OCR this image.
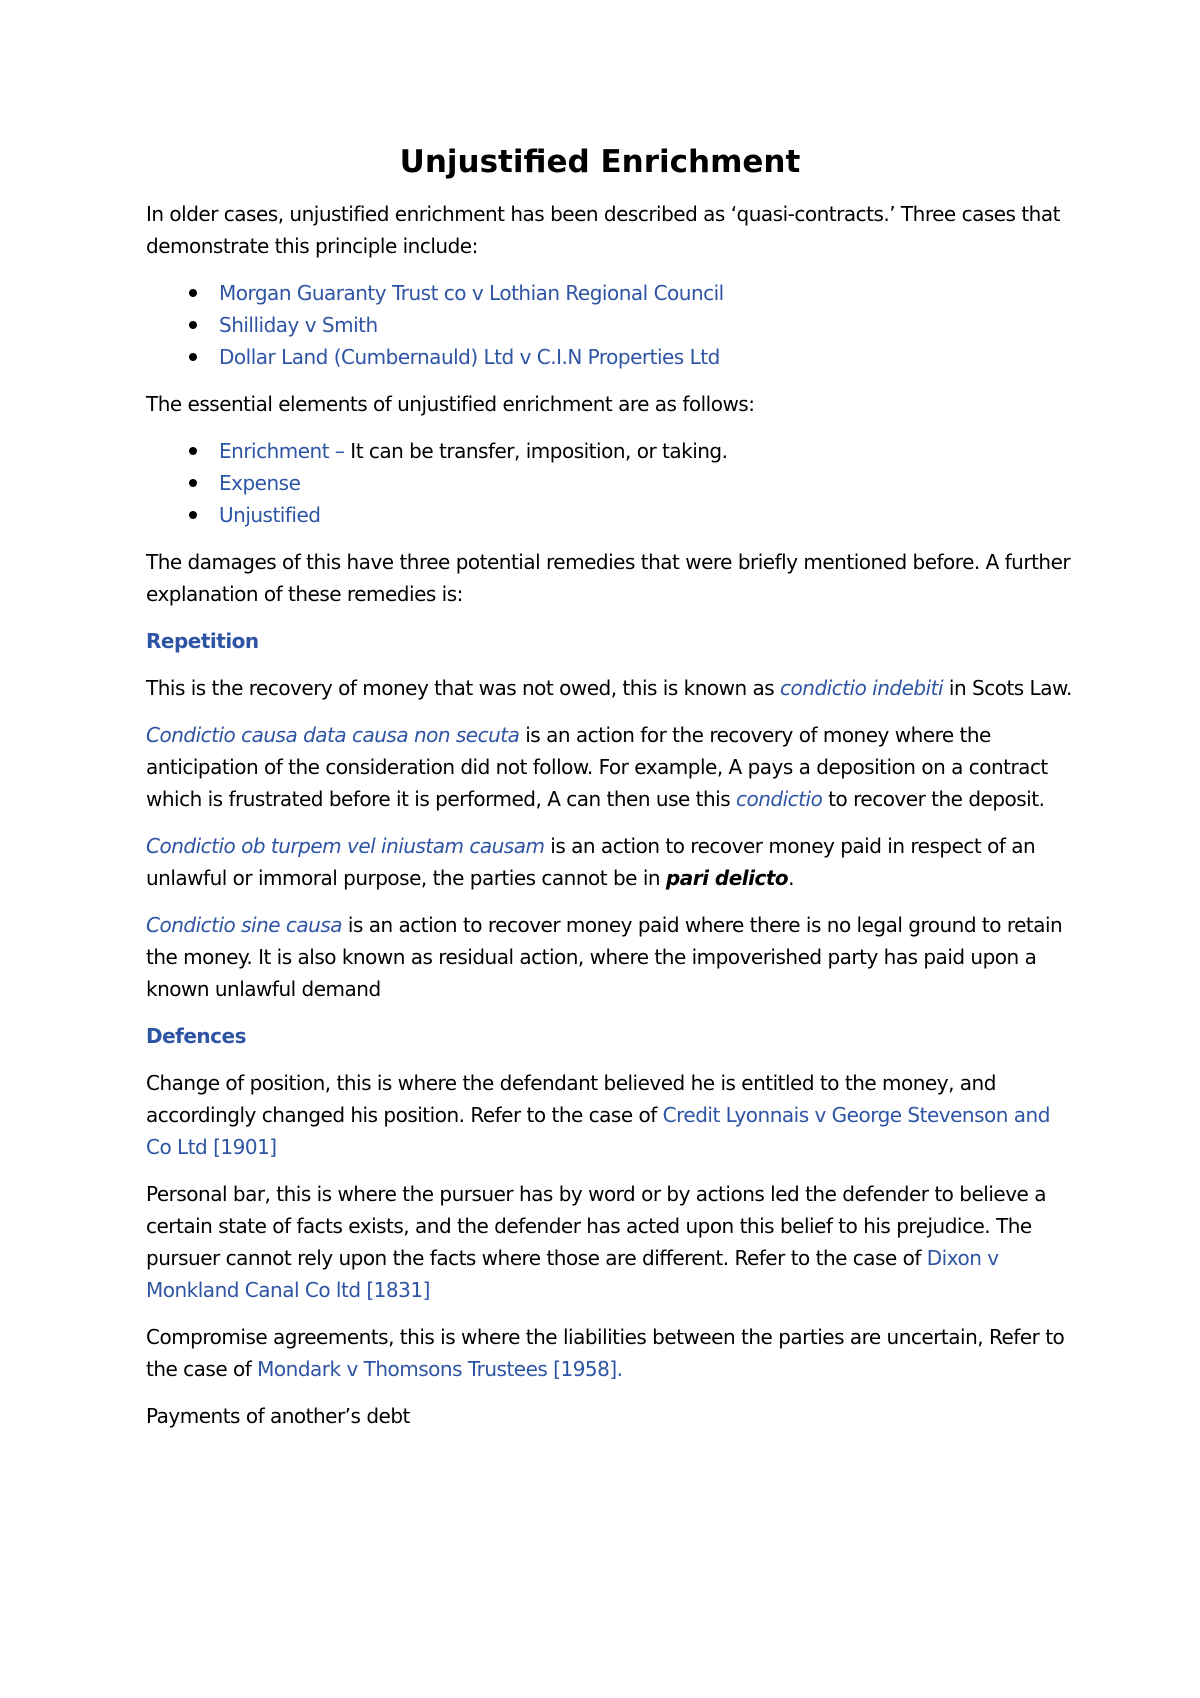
Unjustified Enrichment

In older cases, unjustified enrichment has been described as ‘quasi-contracts.’ Three cases that demonstrate this principle include:

Morgan Guaranty Trust co v Lothian Regional Council
Shilliday v Smith
Dollar Land (Cumbernauld) Ltd v C.I.N Properties Ltd

The essential elements of unjustified enrichment are as follows:

Enrichment – It can be transfer, imposition, or taking.
Expense
Unjustified

The damages of this have three potential remedies that were briefly mentioned before. A further explanation of these remedies is:

Repetition

This is the recovery of money that was not owed, this is known as condictio indebiti in Scots Law.

Condictio causa data causa non secuta is an action for the recovery of money where the anticipation of the consideration did not follow. For example, A pays a deposition on a contract which is frustrated before it is performed, A can then use this condictio to recover the deposit.

Condictio ob turpem vel iniustam causam is an action to recover money paid in respect of an unlawful or immoral purpose, the parties cannot be in pari delicto.

Condictio sine causa is an action to recover money paid where there is no legal ground to retain the money. It is also known as residual action, where the impoverished party has paid upon a known unlawful demand

Defences

Change of position, this is where the defendant believed he is entitled to the money, and accordingly changed his position. Refer to the case of Credit Lyonnais v George Stevenson and Co Ltd [1901]

Personal bar, this is where the pursuer has by word or by actions led the defender to believe a certain state of facts exists, and the defender has acted upon this belief to his prejudice. The pursuer cannot rely upon the facts where those are different. Refer to the case of Dixon v Monkland Canal Co ltd [1831]

Compromise agreements, this is where the liabilities between the parties are uncertain, Refer to the case of Mondark v Thomsons Trustees [1958].

Payments of another’s debt
